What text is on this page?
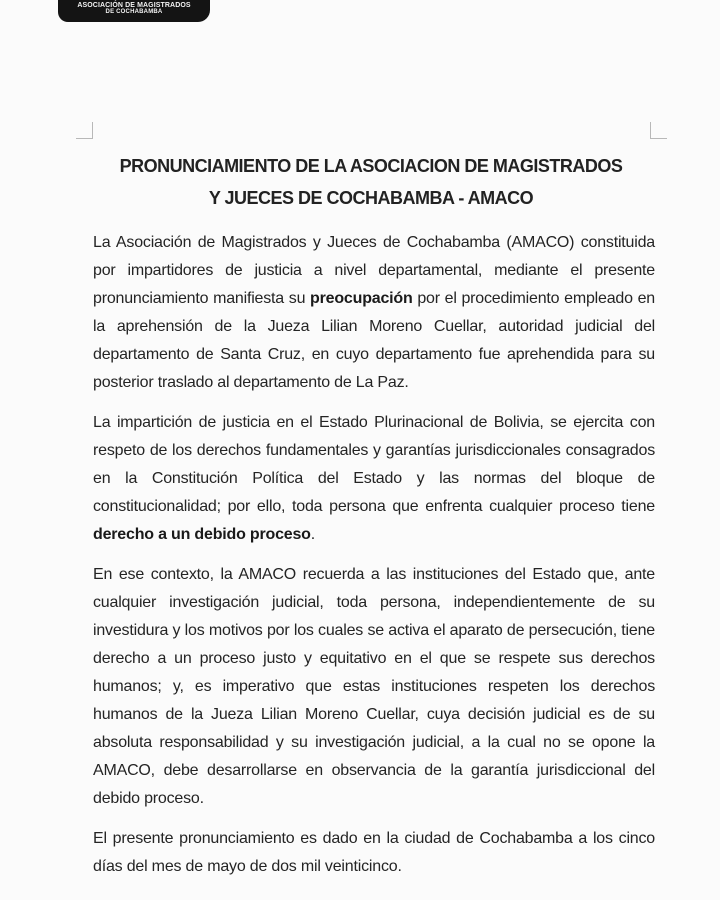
ASOCIACIÓN DE MAGISTRADOS
DE COCHABAMBA
PRONUNCIAMIENTO DE LA ASOCIACION DE MAGISTRADOS
Y JUECES DE COCHABAMBA - AMACO

La Asociación de Magistrados y Jueces de Cochabamba (AMACO) constituida por impartidores de justicia a nivel departamental, mediante el presente pronunciamiento manifiesta su preocupación por el procedimiento empleado en la aprehensión de la Jueza Lilian Moreno Cuellar, autoridad judicial del departamento de Santa Cruz, en cuyo departamento fue aprehendida para su posterior traslado al departamento de La Paz.

La impartición de justicia en el Estado Plurinacional de Bolivia, se ejercita con respeto de los derechos fundamentales y garantías jurisdiccionales consagrados en la Constitución Política del Estado y las normas del bloque de constitucionalidad; por ello, toda persona que enfrenta cualquier proceso tiene derecho a un debido proceso.

En ese contexto, la AMACO recuerda a las instituciones del Estado que, ante cualquier investigación judicial, toda persona, independientemente de su investidura y los motivos por los cuales se activa el aparato de persecución, tiene derecho a un proceso justo y equitativo en el que se respete sus derechos humanos; y, es imperativo que estas instituciones respeten los derechos humanos de la Jueza Lilian Moreno Cuellar, cuya decisión judicial es de su absoluta responsabilidad y su investigación judicial, a la cual no se opone la AMACO, debe desarrollarse en observancia de la garantía jurisdiccional del debido proceso.

El presente pronunciamiento es dado en la ciudad de Cochabamba a los cinco días del mes de mayo de dos mil veinticinco.
